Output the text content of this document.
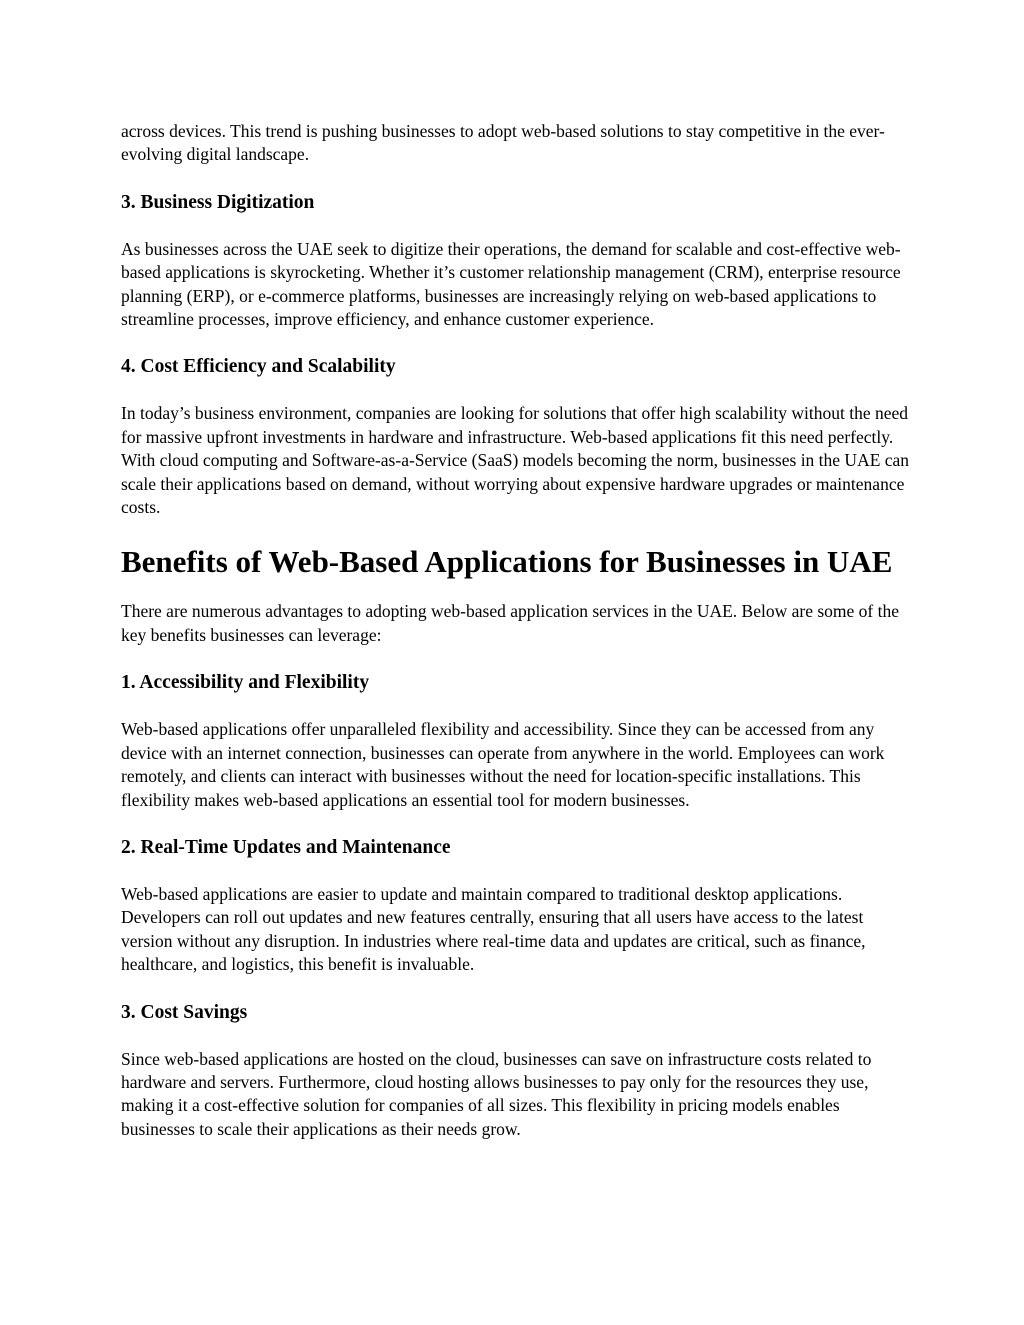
across devices. This trend is pushing businesses to adopt web-based solutions to stay competitive in the ever-evolving digital landscape.

3. Business Digitization

As businesses across the UAE seek to digitize their operations, the demand for scalable and cost-effective web-based applications is skyrocketing. Whether it’s customer relationship management (CRM), enterprise resource planning (ERP), or e-commerce platforms, businesses are increasingly relying on web-based applications to streamline processes, improve efficiency, and enhance customer experience.

4. Cost Efficiency and Scalability

In today’s business environment, companies are looking for solutions that offer high scalability without the need for massive upfront investments in hardware and infrastructure. Web-based applications fit this need perfectly. With cloud computing and Software-as-a-Service (SaaS) models becoming the norm, businesses in the UAE can scale their applications based on demand, without worrying about expensive hardware upgrades or maintenance costs.

Benefits of Web-Based Applications for Businesses in UAE

There are numerous advantages to adopting web-based application services in the UAE. Below are some of the key benefits businesses can leverage:

1. Accessibility and Flexibility

Web-based applications offer unparalleled flexibility and accessibility. Since they can be accessed from any device with an internet connection, businesses can operate from anywhere in the world. Employees can work remotely, and clients can interact with businesses without the need for location-specific installations. This flexibility makes web-based applications an essential tool for modern businesses.

2. Real-Time Updates and Maintenance

Web-based applications are easier to update and maintain compared to traditional desktop applications. Developers can roll out updates and new features centrally, ensuring that all users have access to the latest version without any disruption. In industries where real-time data and updates are critical, such as finance, healthcare, and logistics, this benefit is invaluable.

3. Cost Savings

Since web-based applications are hosted on the cloud, businesses can save on infrastructure costs related to hardware and servers. Furthermore, cloud hosting allows businesses to pay only for the resources they use, making it a cost-effective solution for companies of all sizes. This flexibility in pricing models enables businesses to scale their applications as their needs grow.
